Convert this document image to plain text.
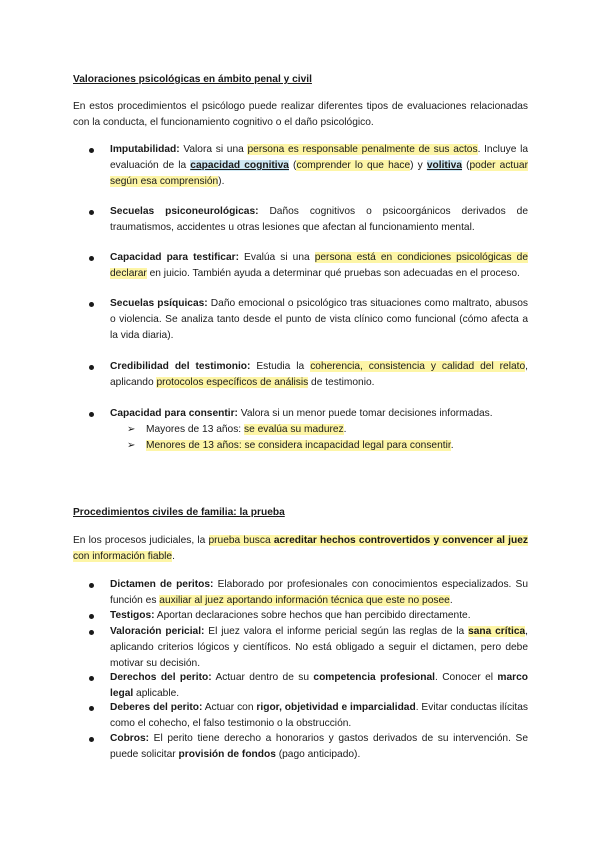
Valoraciones psicológicas en ámbito penal y civil
En estos procedimientos el psicólogo puede realizar diferentes tipos de evaluaciones relacionadas con la conducta, el funcionamiento cognitivo o el daño psicológico.
Imputabilidad: Valora si una persona es responsable penalmente de sus actos. Incluye la evaluación de la capacidad cognitiva (comprender lo que hace) y volitiva (poder actuar según esa comprensión).
Secuelas psiconeurológicas: Daños cognitivos o psicoorgánicos derivados de traumatismos, accidentes u otras lesiones que afectan al funcionamiento mental.
Capacidad para testificar: Evalúa si una persona está en condiciones psicológicas de declarar en juicio. También ayuda a determinar qué pruebas son adecuadas en el proceso.
Secuelas psíquicas: Daño emocional o psicológico tras situaciones como maltrato, abusos o violencia. Se analiza tanto desde el punto de vista clínico como funcional (cómo afecta a la vida diaria).
Credibilidad del testimonio: Estudia la coherencia, consistencia y calidad del relato, aplicando protocolos específicos de análisis de testimonio.
Capacidad para consentir: Valora si un menor puede tomar decisiones informadas.
➢ Mayores de 13 años: se evalúa su madurez.
➢ Menores de 13 años: se considera incapacidad legal para consentir.
Procedimientos civiles de familia: la prueba
En los procesos judiciales, la prueba busca acreditar hechos controvertidos y convencer al juez con información fiable.
Dictamen de peritos: Elaborado por profesionales con conocimientos especializados. Su función es auxiliar al juez aportando información técnica que este no posee.
Testigos: Aportan declaraciones sobre hechos que han percibido directamente.
Valoración pericial: El juez valora el informe pericial según las reglas de la sana crítica, aplicando criterios lógicos y científicos. No está obligado a seguir el dictamen, pero debe motivar su decisión.
Derechos del perito: Actuar dentro de su competencia profesional. Conocer el marco legal aplicable.
Deberes del perito: Actuar con rigor, objetividad e imparcialidad. Evitar conductas ilícitas como el cohecho, el falso testimonio o la obstrucción.
Cobros: El perito tiene derecho a honorarios y gastos derivados de su intervención. Se puede solicitar provisión de fondos (pago anticipado).
